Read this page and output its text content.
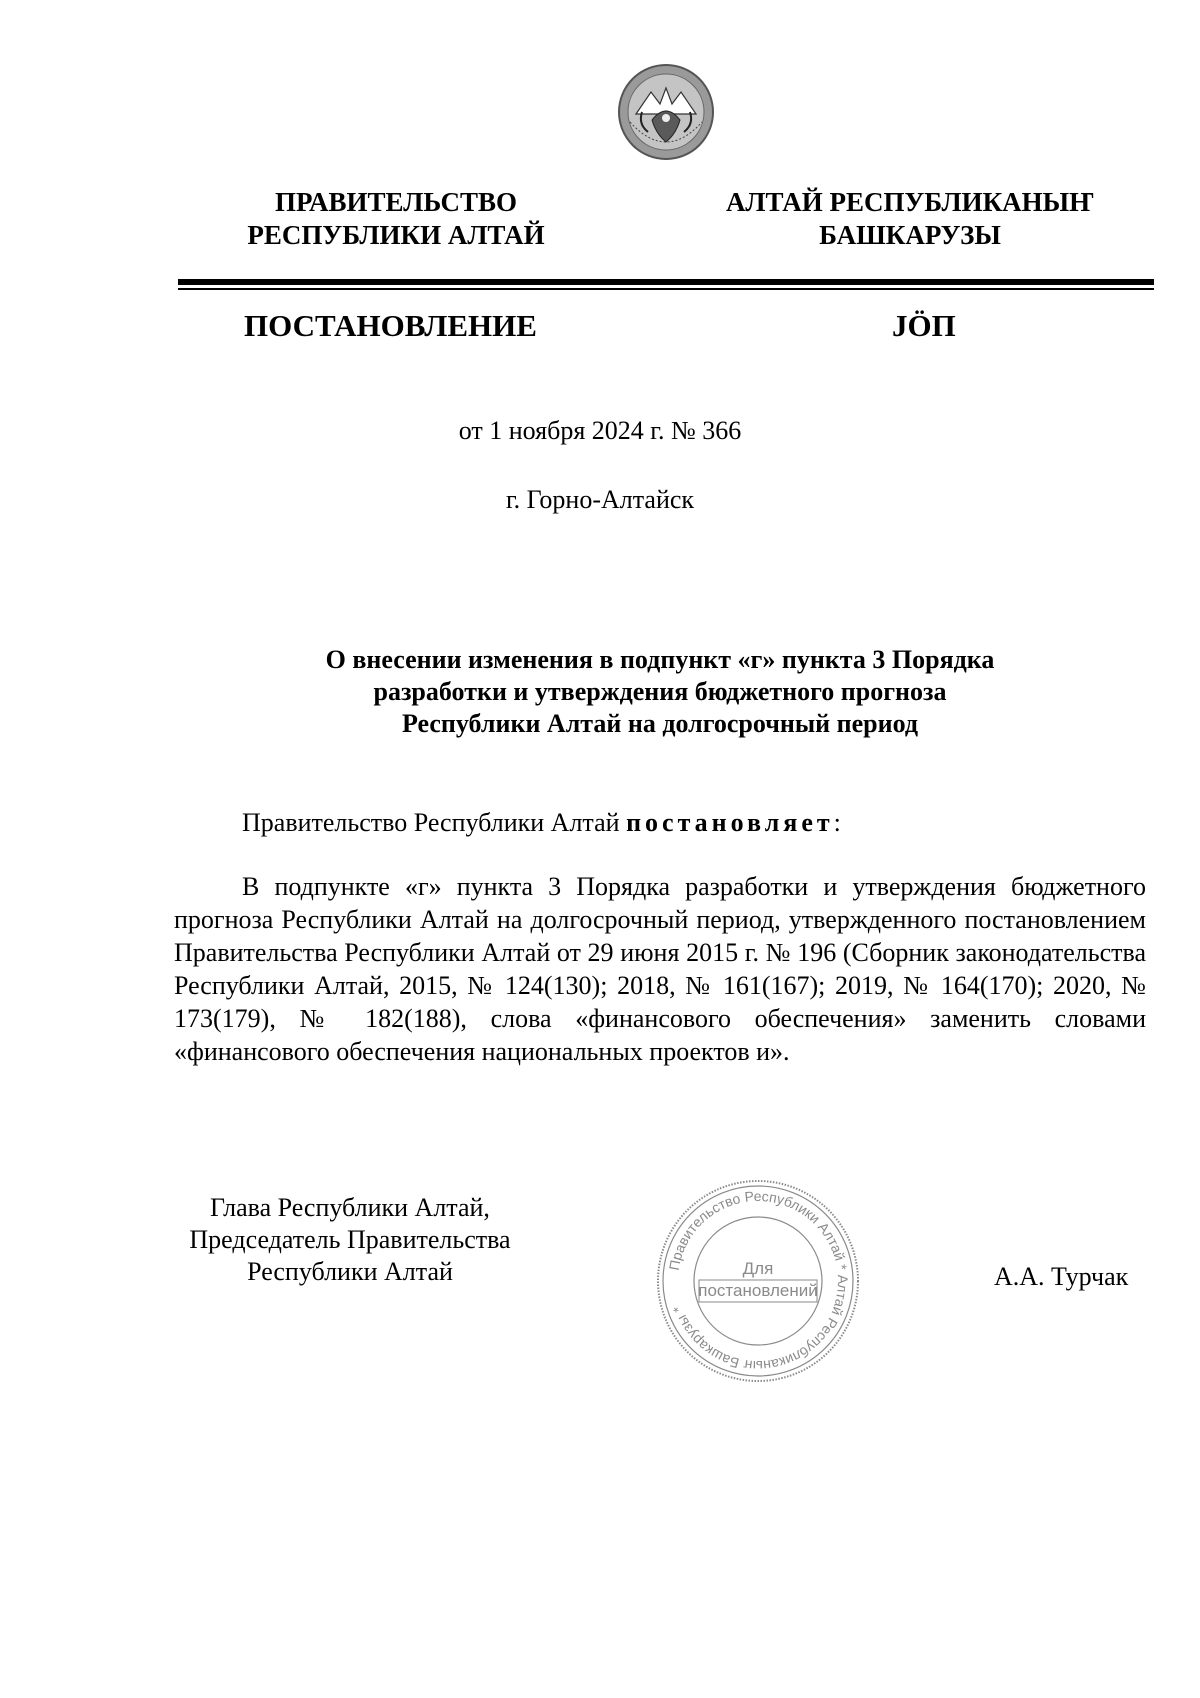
ПРАВИТЕЛЬСТВО
РЕСПУБЛИКИ АЛТАЙ
АЛТАЙ РЕСПУБЛИКАНЫҤ
БАШКАРУЗЫ
ПОСТАНОВЛЕНИЕ	JӦП
от 1 ноября 2024 г. № 366
г. Горно-Алтайск
О внесении изменения в подпункт «г» пункта 3 Порядка
разработки и утверждения бюджетного прогноза
Республики Алтай на долгосрочный период
Правительство Республики Алтай постановляет:

В подпункте «г» пункта 3 Порядка разработки и утверждения бюджетного прогноза Республики Алтай на долгосрочный период, утвержденного постановлением Правительства Республики Алтай от 29 июня 2015 г. № 196 (Сборник законодательства Республики Алтай, 2015, № 124(130); 2018, № 161(167); 2019, № 164(170); 2020, № 173(179), № 182(188), слова «финансового обеспечения» заменить словами «финансового обеспечения национальных проектов и».

Глава Республики Алтай,
Председатель Правительства
Республики Алтай	Правительство Республики Алтай * Алтай Республиканыҥ Башкарузы *
Для
постановлений	А.А. Турчак
